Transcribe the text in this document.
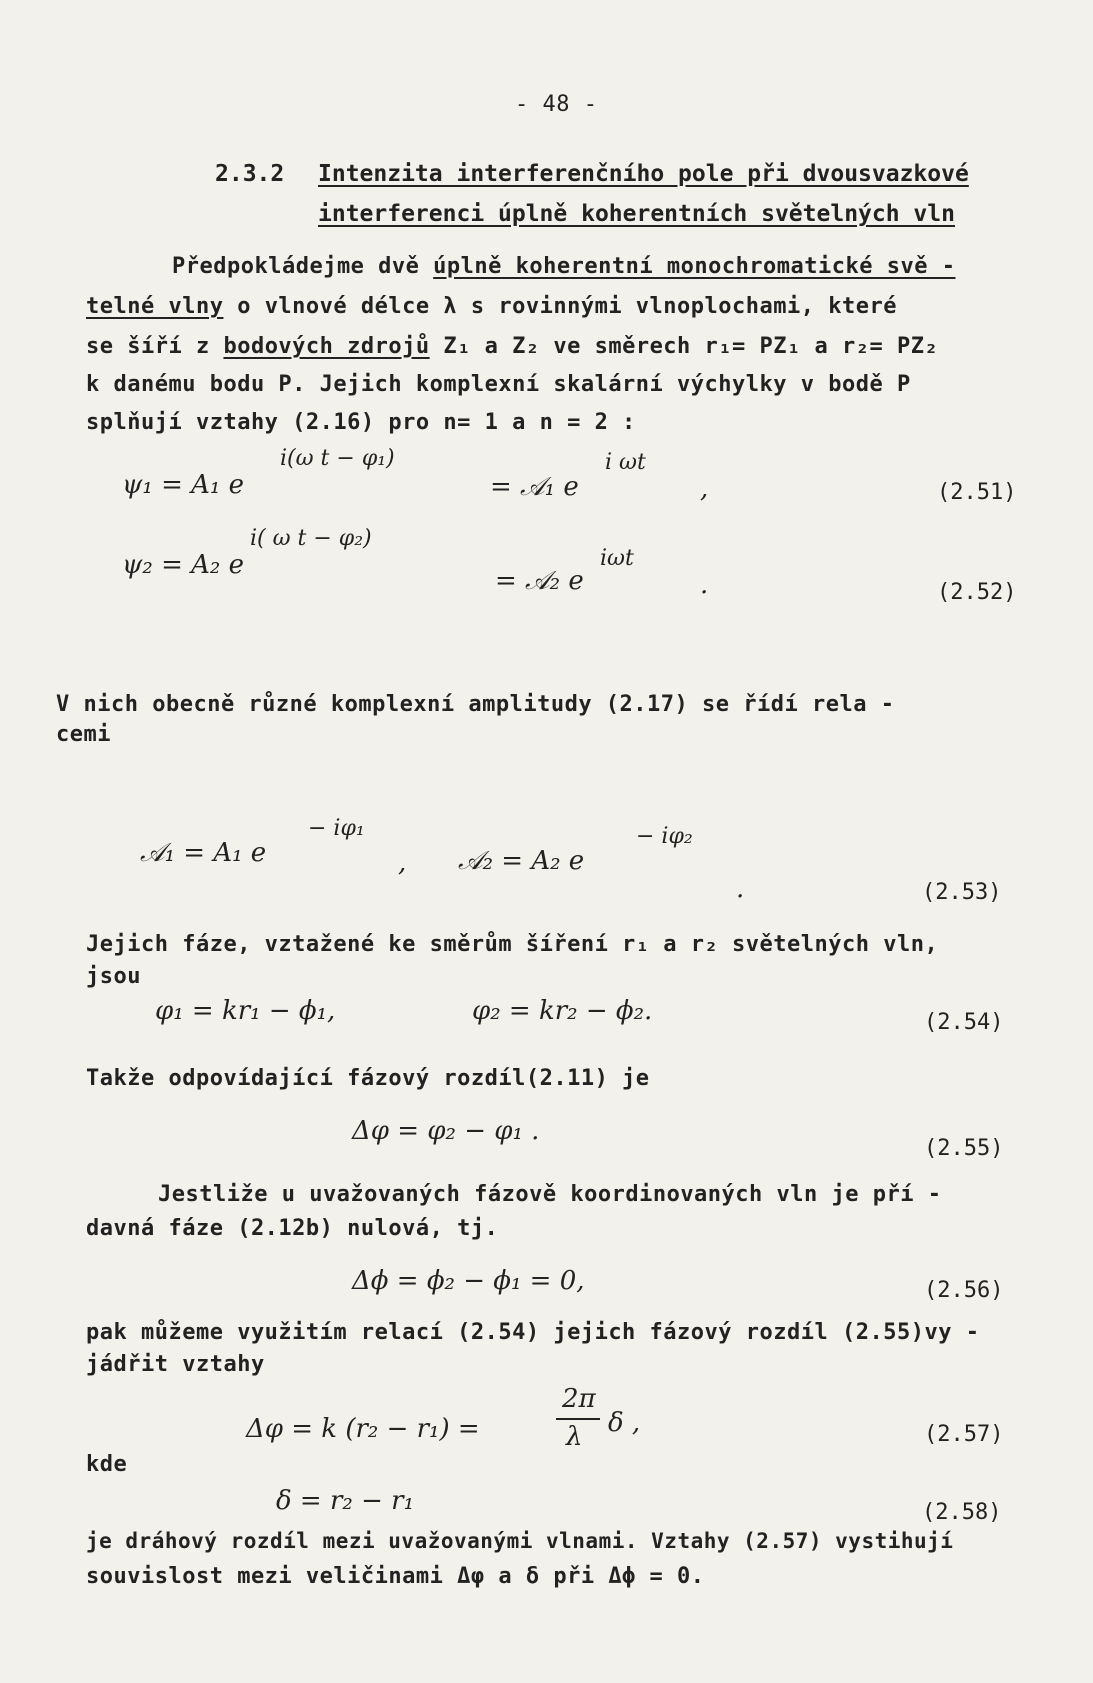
- 48 -
2.3.2 Intenzita interferenčního pole při dvousvazkové
interferenci úplně koherentních světelných vln
Předpokládejme dvě úplně koherentní monochromatické svě -
telné vlny o vlnové délce λ s rovinnými vlnoplochami, které
se šíří z bodových zdrojů Z₁ a Z₂ ve směrech r₁= PZ₁ a r₂= PZ₂
k danému bodu P. Jejich komplexní skalární výchylky v bodě P
splňují vztahy (2.16) pro n= 1 a n = 2 :
ψ₁ = A₁ e
i(ω t − φ₁)
= 𝒜₁ e
i ωt
,	(2.51)
ψ₂ = A₂ e
i( ω t − φ₂)
= 𝒜₂ e
iωt
.	(2.52)
V nich obecně různé komplexní amplitudy (2.17) se řídí rela -
cemi
𝒜₁ = A₁ e
− iφ₁
, 𝒜₂ = A₂ e
− iφ₂
.	(2.53)
Jejich fáze, vztažené ke směrům šíření r₁ a r₂ světelných vln,
jsou
φ₁ = kr₁ − ϕ₁,	φ₂ = kr₂ − ϕ₂.	(2.54)
Takže odpovídající fázový rozdíl(2.11) je
Δφ = φ₂ − φ₁ .
(2.55)
Jestliže u uvažovaných fázově koordinovaných vln je pří -
davná fáze (2.12b) nulová, tj.
Δϕ = ϕ₂ − ϕ₁ = 0,	(2.56)
pak můžeme využitím relací (2.54) jejich fázový rozdíl (2.55)vy -
jádřit vztahy
Δφ = k (r₂ − r₁) =
2π
λ δ ,	(2.57)
kde
δ = r₂ − r₁	(2.58)
je dráhový rozdíl mezi uvažovanými vlnami. Vztahy (2.57) vystihují
souvislost mezi veličinami Δφ a δ při Δϕ = 0.
